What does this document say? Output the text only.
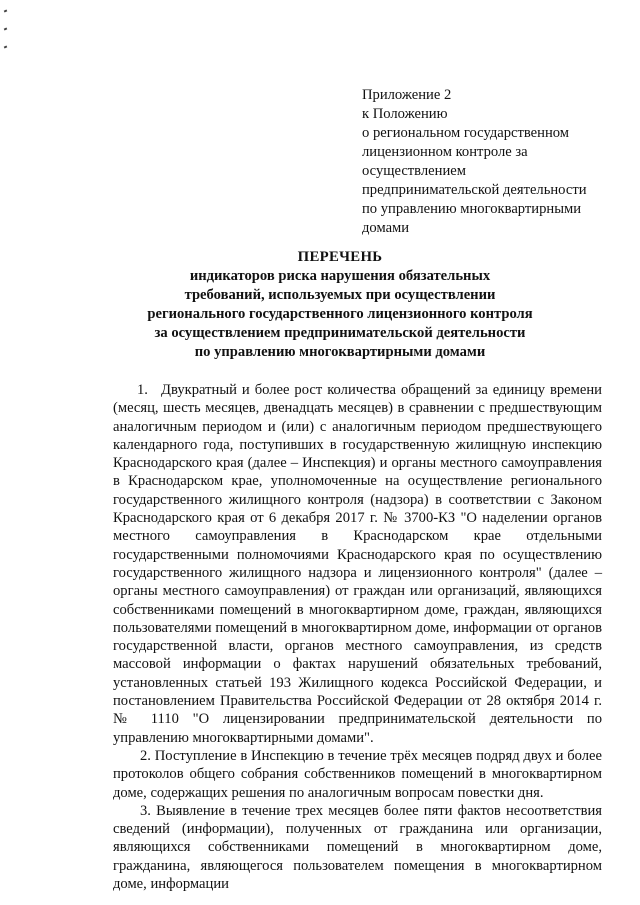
Приложение 2
к Положению
о региональном государственном
лицензионном контроле за
осуществлением
предпринимательской деятельности
по управлению многоквартирными
домами
ПЕРЕЧЕНЬ
индикаторов риска нарушения обязательных
требований, используемых при осуществлении
регионального государственного лицензионного контроля
за осуществлением предпринимательской деятельности
по управлению многоквартирными домами

1. Двукратный и более рост количества обращений за единицу времени (месяц, шесть месяцев, двенадцать месяцев) в сравнении с предшествующим аналогичным периодом и (или) с аналогичным периодом предшествующего календарного года, поступивших в государственную жилищную инспекцию Краснодарского края (далее – Инспекция) и органы местного самоуправления в Краснодарском крае, уполномоченные на осуществление регионального государственного жилищного контроля (надзора) в соответствии с Законом Краснодарского края от 6 декабря 2017 г. № 3700-КЗ "О наделении органов местного самоуправления в Краснодарском крае отдельными государственными полномочиями Краснодарского края по осуществлению государственного жилищного надзора и лицензионного контроля" (далее – органы местного самоуправления) от граждан или организаций, являющихся собственниками помещений в многоквартирном доме, граждан, являющихся пользователями помещений в многоквартирном доме, информации от органов государственной власти, органов местного самоуправления, из средств массовой информации о фактах нарушений обязательных требований, установленных статьей 193 Жилищного кодекса Российской Федерации, и постановлением Правительства Российской Федерации от 28 октября 2014 г. № 1110 "О лицензировании предпринимательской деятельности по управлению многоквартирными домами".

2. Поступление в Инспекцию в течение трёх месяцев подряд двух и более протоколов общего собрания собственников помещений в многоквартирном доме, содержащих решения по аналогичным вопросам повестки дня.

3. Выявление в течение трех месяцев более пяти фактов несоответствия сведений (информации), полученных от гражданина или организации, являющихся собственниками помещений в многоквартирном доме, гражданина, являющегося пользователем помещения в многоквартирном доме, информации
